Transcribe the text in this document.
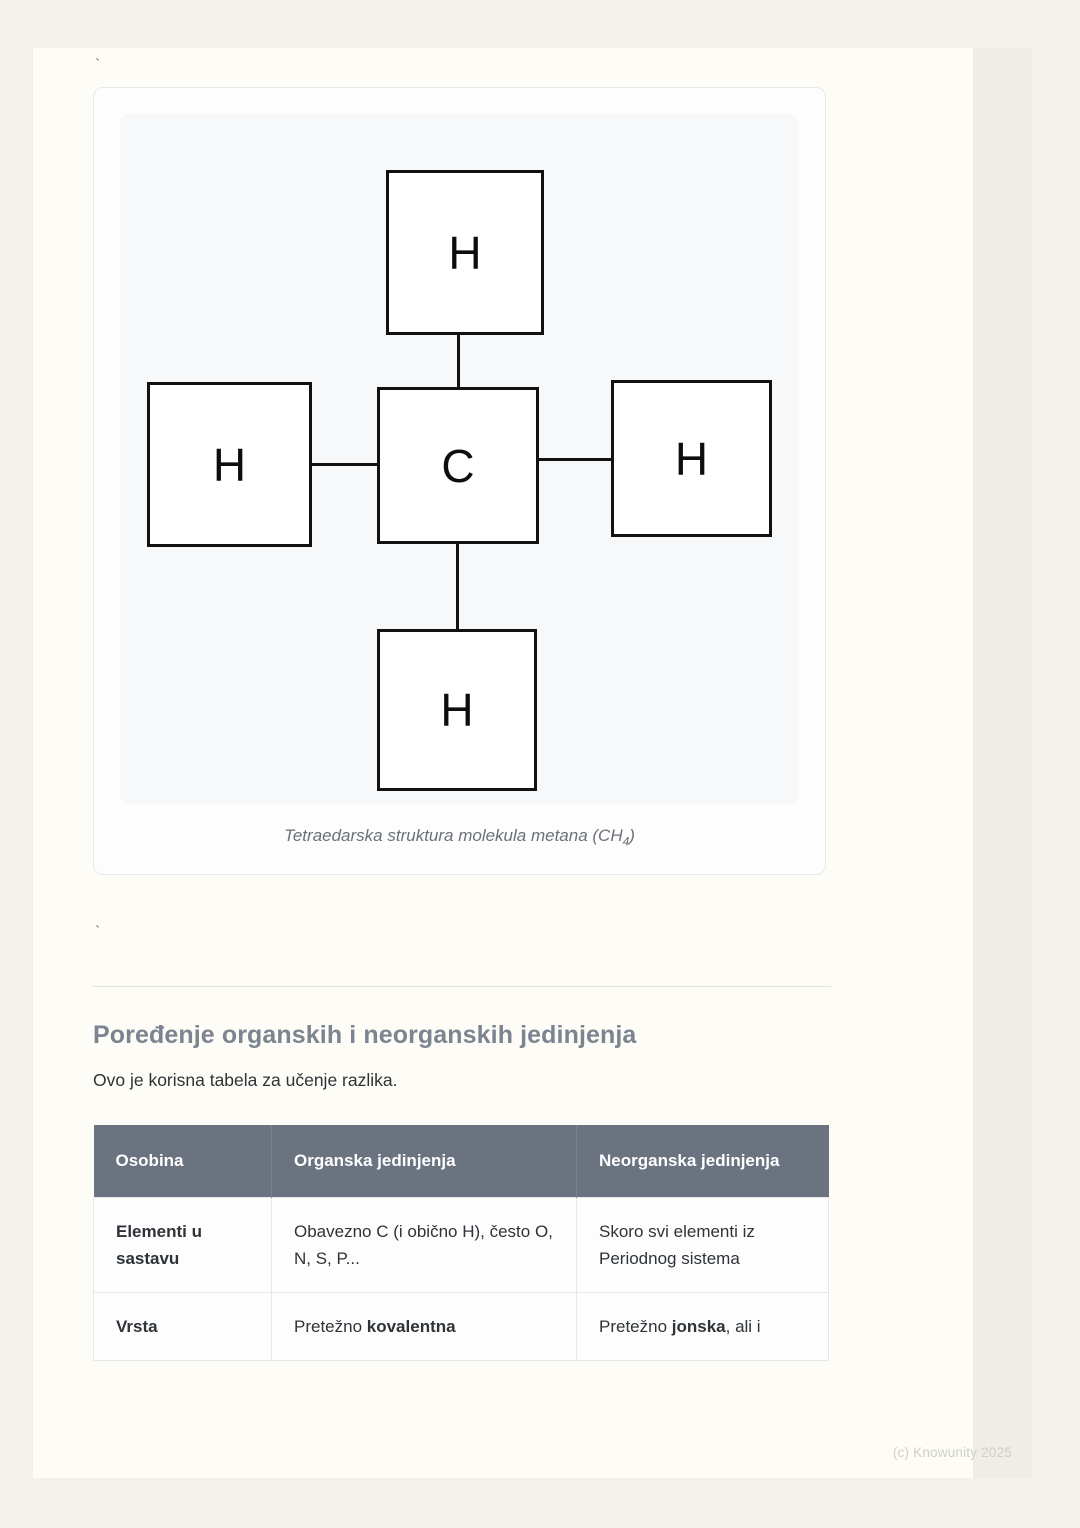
`
H
H	C	H
H
Tetraedarska struktura molekula metana $(CH_4)$
`
Poređenje organskih i neorganskih jedinjenja

Ovo je korisna tabela za učenje razlika.

Osobina	Organska jedinjenja	Neorganska jedinjenja
Elementi u sastavu	Obavezno C (i obično H), često O, N, S, P...	Skoro svi elementi iz Periodnog sistema
Vrsta	Pretežno kovalentna	Pretežno jonska, ali i
(c) Knowunity 2025
